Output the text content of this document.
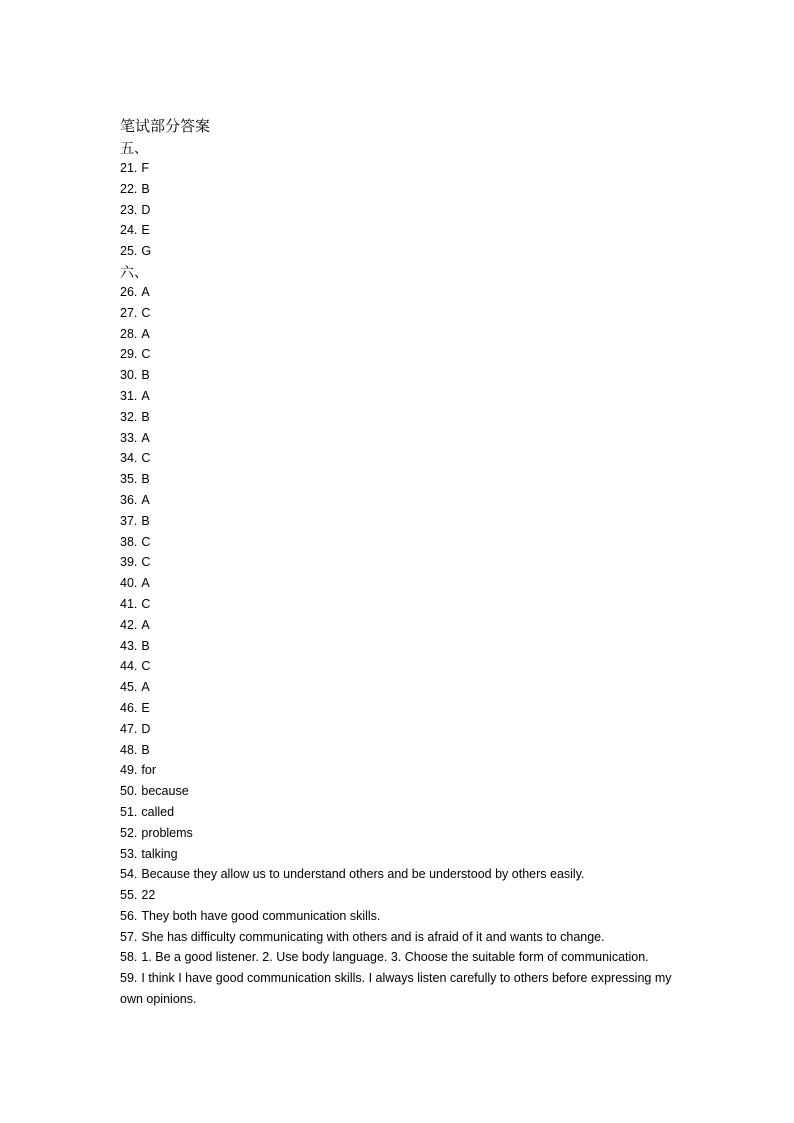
笔试部分答案
五、
21. F
22. B
23. D
24. E
25. G
六、
26. A
27. C
28. A
29. C
30. B
31. A
32. B
33. A
34. C
35. B
36. A
37. B
38. C
39. C
40. A
41. C
42. A
43. B
44. C
45. A
46. E
47. D
48. B
49. for
50. because
51. called
52. problems
53. talking
54. Because they allow us to understand others and be understood by others easily.
55. 22
56. They both have good communication skills.
57. She has difficulty communicating with others and is afraid of it and wants to change.
58. 1. Be a good listener. 2. Use body language. 3. Choose the suitable form of communication.
59. I think I have good communication skills. I always listen carefully to others before expressing my own opinions.
